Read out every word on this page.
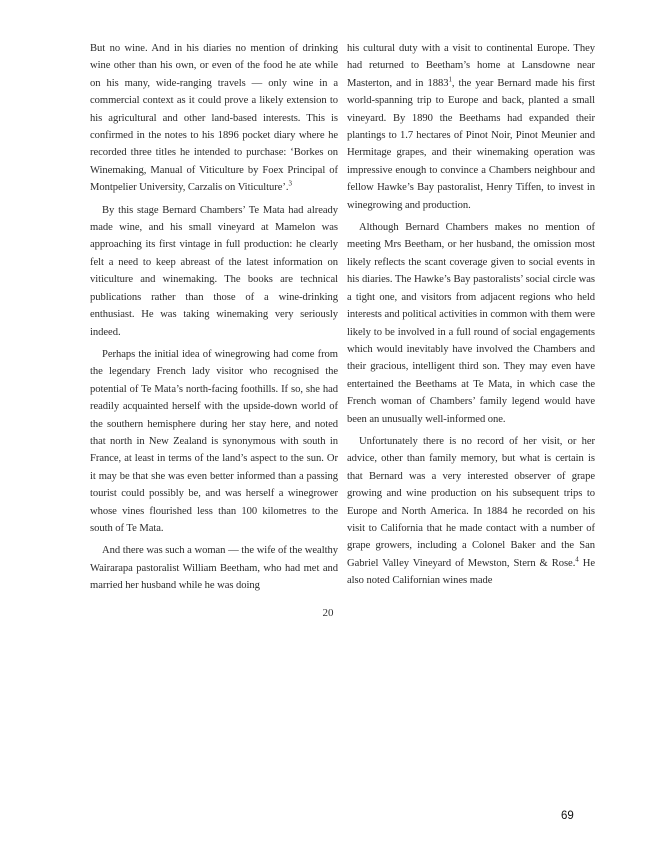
But no wine. And in his diaries no mention of drinking wine other than his own, or even of the food he ate while on his many, wide-ranging travels — only wine in a commercial context as it could prove a likely extension to his agricultural and other land-based interests. This is confirmed in the notes to his 1896 pocket diary where he recorded three titles he intended to purchase: ‘Borkes on Winemaking, Manual of Viticulture by Foex Principal of Montpelier University, Carzalis on Viticulture’.$^3$

By this stage Bernard Chambers’ Te Mata had already made wine, and his small vineyard at Mamelon was approaching its first vintage in full production: he clearly felt a need to keep abreast of the latest information on viticulture and winemaking. The books are technical publications rather than those of a wine-drinking enthusiast. He was taking winemaking very seriously indeed.

Perhaps the initial idea of winegrowing had come from the legendary French lady visitor who recognised the potential of Te Mata’s north-facing foothills. If so, she had readily acquainted herself with the upside-down world of the southern hemisphere during her stay here, and noted that north in New Zealand is synonymous with south in France, at least in terms of the land’s aspect to the sun. Or it may be that she was even better informed than a passing tourist could possibly be, and was herself a winegrower whose vines flourished less than 100 kilometres to the south of Te Mata.

And there was such a woman — the wife of the wealthy Wairarapa pastoralist William Beetham, who had met and married her husband while he was doing

his cultural duty with a visit to continental Europe. They had returned to Beetham’s home at Lansdowne near Masterton, and in 1883$^1$, the year Bernard made his first world-spanning trip to Europe and back, planted a small vineyard. By 1890 the Beethams had expanded their plantings to 1.7 hectares of Pinot Noir, Pinot Meunier and Hermitage grapes, and their winemaking operation was impressive enough to convince a Chambers neighbour and fellow Hawke’s Bay pastoralist, Henry Tiffen, to invest in winegrowing and production.

Although Bernard Chambers makes no mention of meeting Mrs Beetham, or her husband, the omission most likely reflects the scant coverage given to social events in his diaries. The Hawke’s Bay pastoralists’ social circle was a tight one, and visitors from adjacent regions who held interests and political activities in common with them were likely to be involved in a full round of social engagements which would inevitably have involved the Chambers and their gracious, intelligent third son. They may even have entertained the Beethams at Te Mata, in which case the French woman of Chambers’ family legend would have been an unusually well-informed one.

Unfortunately there is no record of her visit, or her advice, other than family memory, but what is certain is that Bernard was a very interested observer of grape growing and wine production on his subsequent trips to Europe and North America. In 1884 he recorded on his visit to California that he made contact with a number of grape growers, including a Colonel Baker and the San Gabriel Valley Vineyard of Mewston, Stern & Rose.$^4$ He also noted Californian wines made

20
69
